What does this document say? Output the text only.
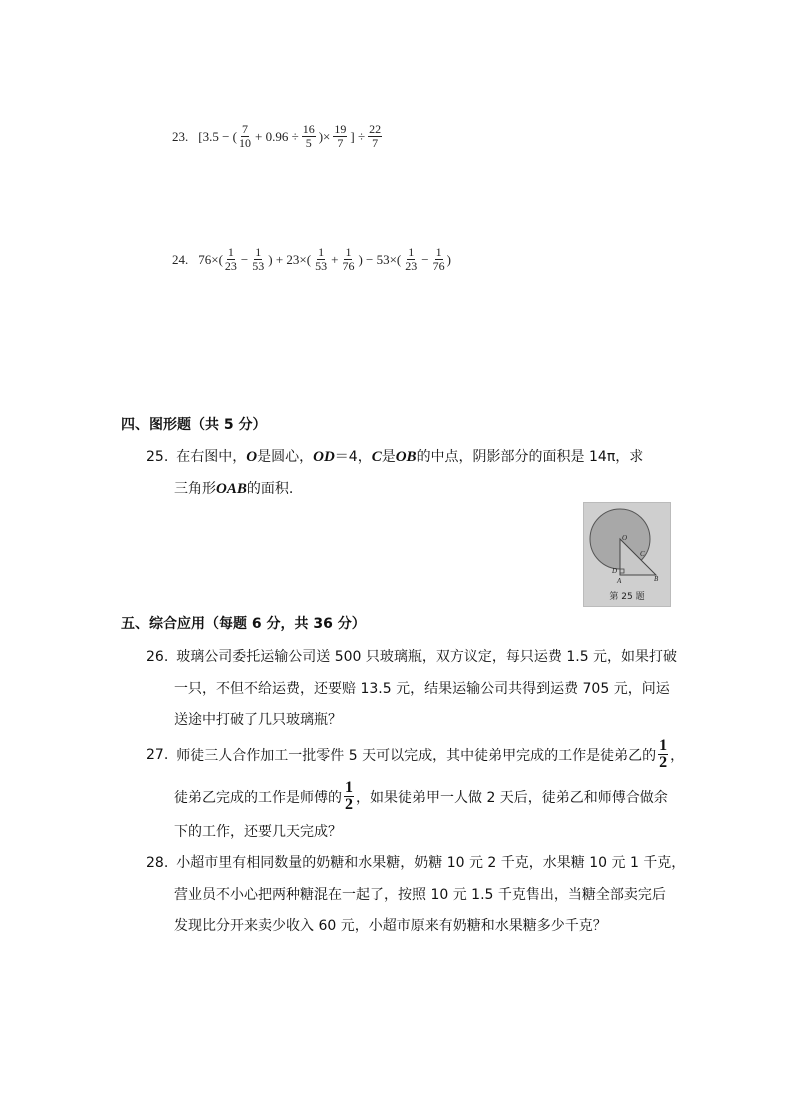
23. [3.5 − ( $\frac{7}{10} + 0.96 \div \frac{16}{5}$ )× $\frac{19}{7}$ ] ÷ $\frac{22}{7}$
24. $76\times( \frac{1}{23} - \frac{1}{53}$ ) + $23\times( \frac{1}{53} + \frac{1}{76}$ ) − $53\times( \frac{1}{23} - \frac{1}{76}$ )
四、图形题（共 5 分）
25. 在右图中，O是圆心，OD＝4，C是OB的中点，阴影部分的面积是 14π，求
三角形OAB的面积.
O
C
D
A	B
第 25 题
五、综合应用（每题 6 分，共 36 分）
26. 玻璃公司委托运输公司送 500 只玻璃瓶，双方议定，每只运费 1.5 元，如果打破
一只，不但不给运费，还要赔 13.5 元，结果运输公司共得到运费 705 元，问运
送途中打破了几只玻璃瓶？
27. 师徒三人合作加工一批零件 5 天可以完成，其中徒弟甲完成的工作是徒弟乙的 $\frac{1}{2}$ ，
徒弟乙完成的工作是师傅的 $\frac{1}{2}$ ，如果徒弟甲一人做 2 天后，徒弟乙和师傅合做余
下的工作，还要几天完成？
28. 小超市里有相同数量的奶糖和水果糖，奶糖 10 元 2 千克，水果糖 10 元 1 千克，
营业员不小心把两种糖混在一起了，按照 10 元 1.5 千克售出，当糖全部卖完后
发现比分开来卖少收入 60 元，小超市原来有奶糖和水果糖多少千克？
